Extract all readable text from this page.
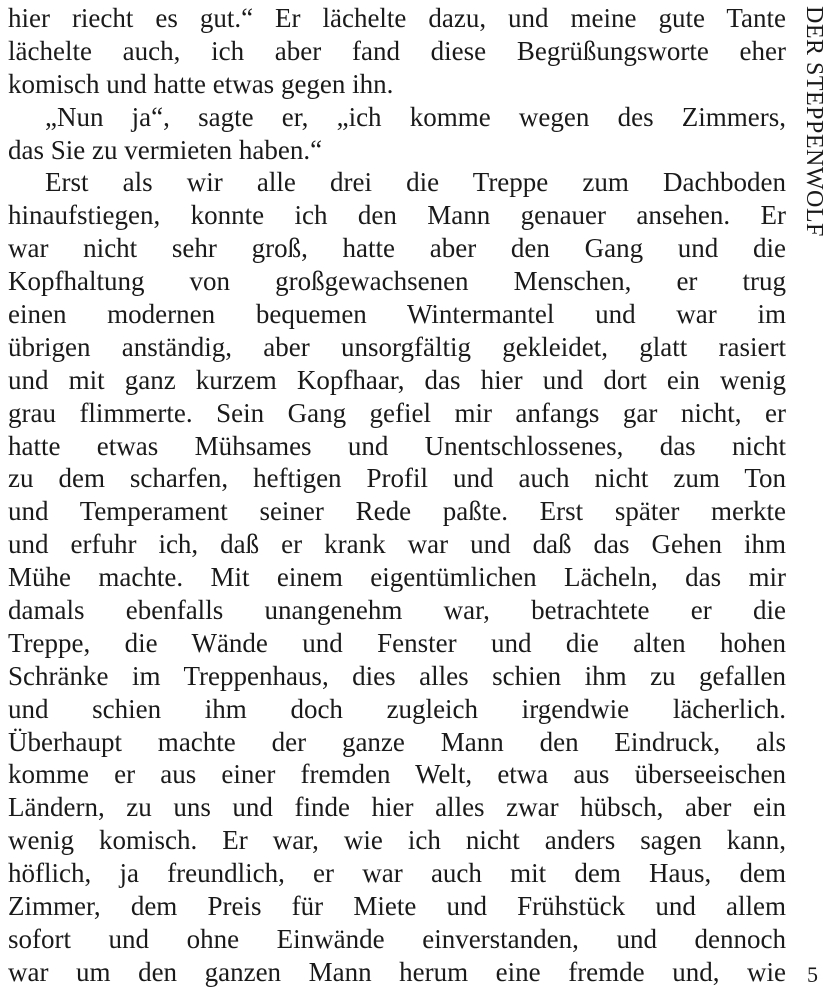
hier riecht es gut.“ Er lächelte dazu, und meine gute Tante
lächelte auch, ich aber fand diese Begrüßungsworte eher
komisch und hatte etwas gegen ihn.
„Nun ja“, sagte er, „ich komme wegen des Zimmers,
das Sie zu vermieten haben.“
Erst als wir alle drei die Treppe zum Dachboden
hinaufstiegen, konnte ich den Mann genauer ansehen. Er
war nicht sehr groß, hatte aber den Gang und die
Kopfhaltung von großgewachsenen Menschen, er trug
einen modernen bequemen Wintermantel und war im
übrigen anständig, aber unsorgfältig gekleidet, glatt rasiert
und mit ganz kurzem Kopfhaar, das hier und dort ein wenig
grau flimmerte. Sein Gang gefiel mir anfangs gar nicht, er
hatte etwas Mühsames und Unentschlossenes, das nicht
zu dem scharfen, heftigen Profil und auch nicht zum Ton
und Temperament seiner Rede paßte. Erst später merkte
und erfuhr ich, daß er krank war und daß das Gehen ihm
Mühe machte. Mit einem eigentümlichen Lächeln, das mir
damals ebenfalls unangenehm war, betrachtete er die
Treppe, die Wände und Fenster und die alten hohen
Schränke im Treppenhaus, dies alles schien ihm zu gefallen
und schien ihm doch zugleich irgendwie lächerlich.
Überhaupt machte der ganze Mann den Eindruck, als
komme er aus einer fremden Welt, etwa aus überseeischen
Ländern, zu uns und finde hier alles zwar hübsch, aber ein
wenig komisch. Er war, wie ich nicht anders sagen kann,
höflich, ja freundlich, er war auch mit dem Haus, dem
Zimmer, dem Preis für Miete und Frühstück und allem
sofort und ohne Einwände einverstanden, und dennoch
war um den ganzen Mann herum eine fremde und, wie
DER STEPPENWOLF
5
